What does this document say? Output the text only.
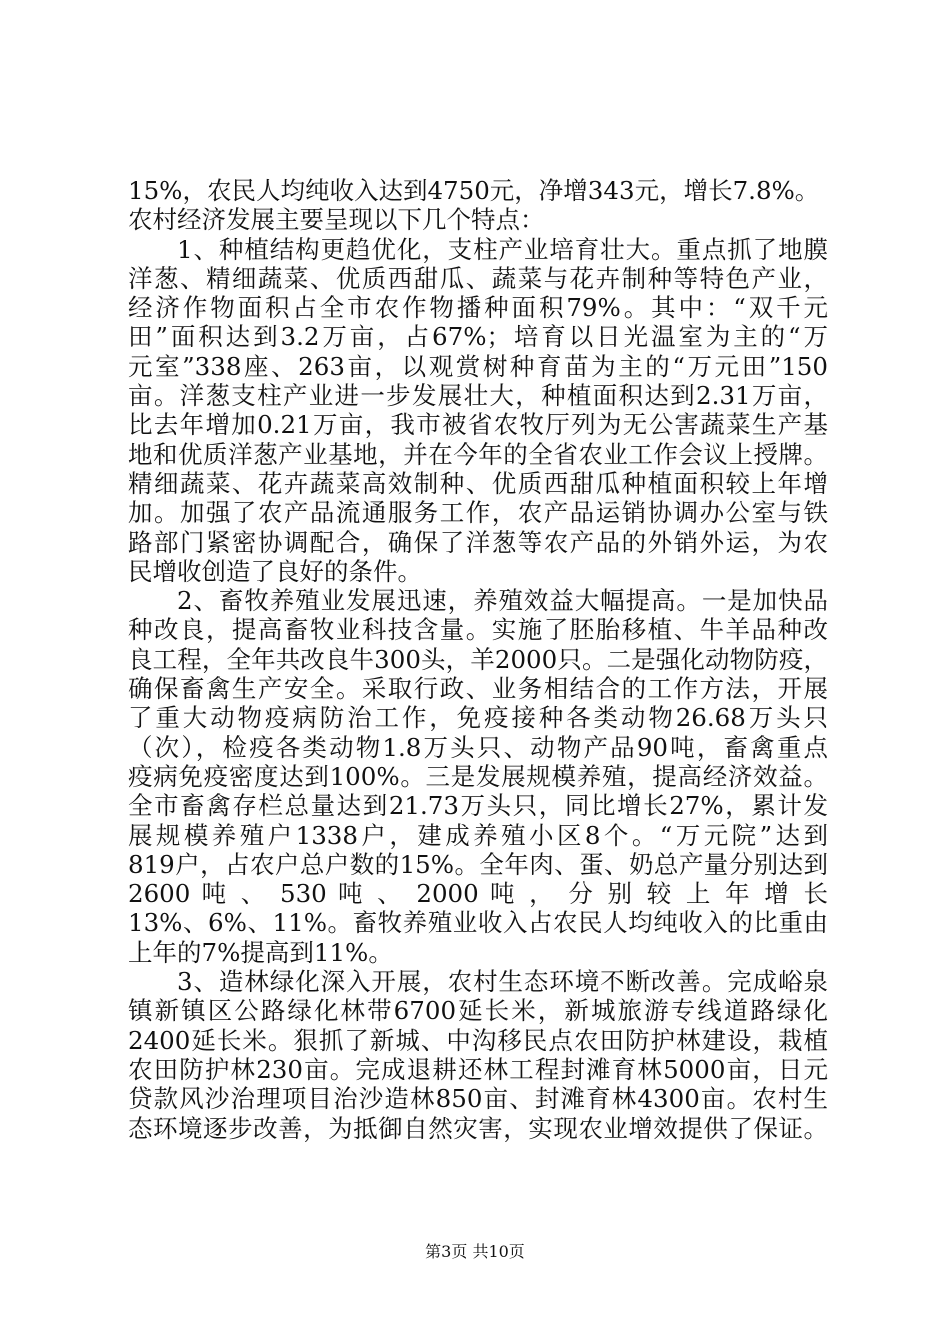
15%，农民人均纯收入达到4750元，净增343元，增长7.8%。
农村经济发展主要呈现以下几个特点：
1、种植结构更趋优化，支柱产业培育壮大。重点抓了地膜
洋葱、精细蔬菜、优质西甜瓜、蔬菜与花卉制种等特色产业，
经济作物面积占全市农作物播种面积79%。其中：“双千元
田”面积达到3.2万亩，占67%；培育以日光温室为主的“万
元室”338座、263亩，以观赏树种育苗为主的“万元田”150
亩。洋葱支柱产业进一步发展壮大，种植面积达到2.31万亩，
比去年增加0.21万亩，我市被省农牧厅列为无公害蔬菜生产基
地和优质洋葱产业基地，并在今年的全省农业工作会议上授牌。
精细蔬菜、花卉蔬菜高效制种、优质西甜瓜种植面积较上年增
加。加强了农产品流通服务工作，农产品运销协调办公室与铁
路部门紧密协调配合，确保了洋葱等农产品的外销外运，为农
民增收创造了良好的条件。
2、畜牧养殖业发展迅速，养殖效益大幅提高。一是加快品
种改良，提高畜牧业科技含量。实施了胚胎移植、牛羊品种改
良工程，全年共改良牛300头，羊2000只。二是强化动物防疫，
确保畜禽生产安全。采取行政、业务相结合的工作方法，开展
了重大动物疫病防治工作，免疫接种各类动物26.68万头只
（次），检疫各类动物1.8万头只、动物产品90吨，畜禽重点
疫病免疫密度达到100%。三是发展规模养殖，提高经济效益。
全市畜禽存栏总量达到21.73万头只，同比增长27%，累计发
展规模养殖户1338户，建成养殖小区8个。“万元院”达到
819户，占农户总户数的15%。全年肉、蛋、奶总产量分别达到
2600 吨 、 530 吨 、 2000 吨 ， 分 别 较 上 年 增 长
13%、6%、11%。畜牧养殖业收入占农民人均纯收入的比重由
上年的7%提高到11%。
3、造林绿化深入开展，农村生态环境不断改善。完成峪泉
镇新镇区公路绿化林带6700延长米，新城旅游专线道路绿化
2400延长米。狠抓了新城、中沟移民点农田防护林建设，栽植
农田防护林230亩。完成退耕还林工程封滩育林5000亩，日元
贷款风沙治理项目治沙造林850亩、封滩育林4300亩。农村生
态环境逐步改善，为抵御自然灾害，实现农业增效提供了保证。
第3页 共10页
